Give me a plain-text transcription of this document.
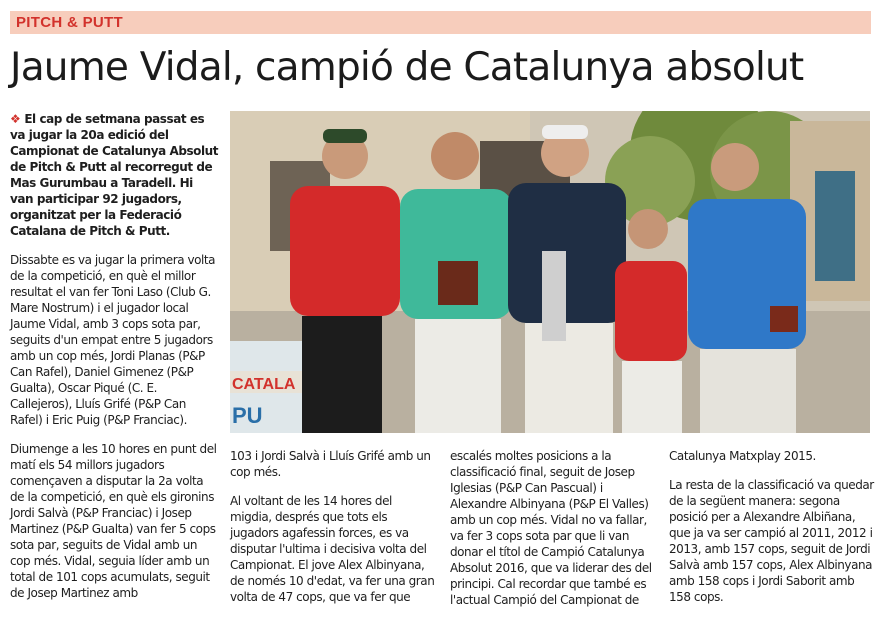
PITCH & PUTT
Jaume Vidal, campió de Catalunya absolut

❖ El cap de setmana passat es va jugar la 20a edició del Campionat de Catalunya Absolut de Pitch & Putt al recorregut de Mas Gurumbau a Taradell. Hi van participar 92 jugadors, organitzat per la Federació Catalana de Pitch & Putt.

Dissabte es va jugar la primera volta de la competició, en què el millor resultat el van fer Toni Laso (Club G. Mare Nostrum) i el jugador local Jaume Vidal, amb 3 cops sota par, seguits d'un empat entre 5 jugadors amb un cop més, Jordi Planas (P&P Can Rafel), Daniel Gimenez (P&P Gualta), Oscar Piqué (C. E. Callejeros), Lluís Grifé (P&P Can Rafel) i Eric Puig (P&P Franciac).

Diumenge a les 10 hores en punt del matí els 54 millors jugadors començaven a disputar la 2a volta de la competició, en què els gironins Jordi Salvà (P&P Franciac) i Josep Martinez (P&P Gualta) van fer 5 cops sota par, seguits de Vidal amb un cop més. Vidal, seguia líder amb un total de 101 cops acumulats, seguit de Josep Martinez amb

CATALA
PU

103 i Jordi Salvà i Lluís Grifé amb un cop més.

Al voltant de les 14 hores del migdia, després que tots els jugadors agafessin forces, es va disputar l'ultima i decisiva volta del Campionat. El jove Alex Albinyana, de només 10 d'edat, va fer una gran volta de 47 cops, que va fer que

escalés moltes posicions a la classificació final, seguit de Josep Iglesias (P&P Can Pascual) i Alexandre Albinyana (P&P El Valles) amb un cop més. Vidal no va fallar, va fer 3 cops sota par que li van donar el títol de Campió Catalunya Absolut 2016, que va liderar des del principi. Cal recordar que també es l'actual Campió del Campionat de

Catalunya Matxplay 2015.

La resta de la classificació va quedar de la següent manera: segona posició per a Alexandre Albiñana, que ja va ser campió al 2011, 2012 i 2013, amb 157 cops, seguit de Jordi Salvà amb 157 cops, Alex Albinyana amb 158 cops i Jordi Saborit amb 158 cops.
